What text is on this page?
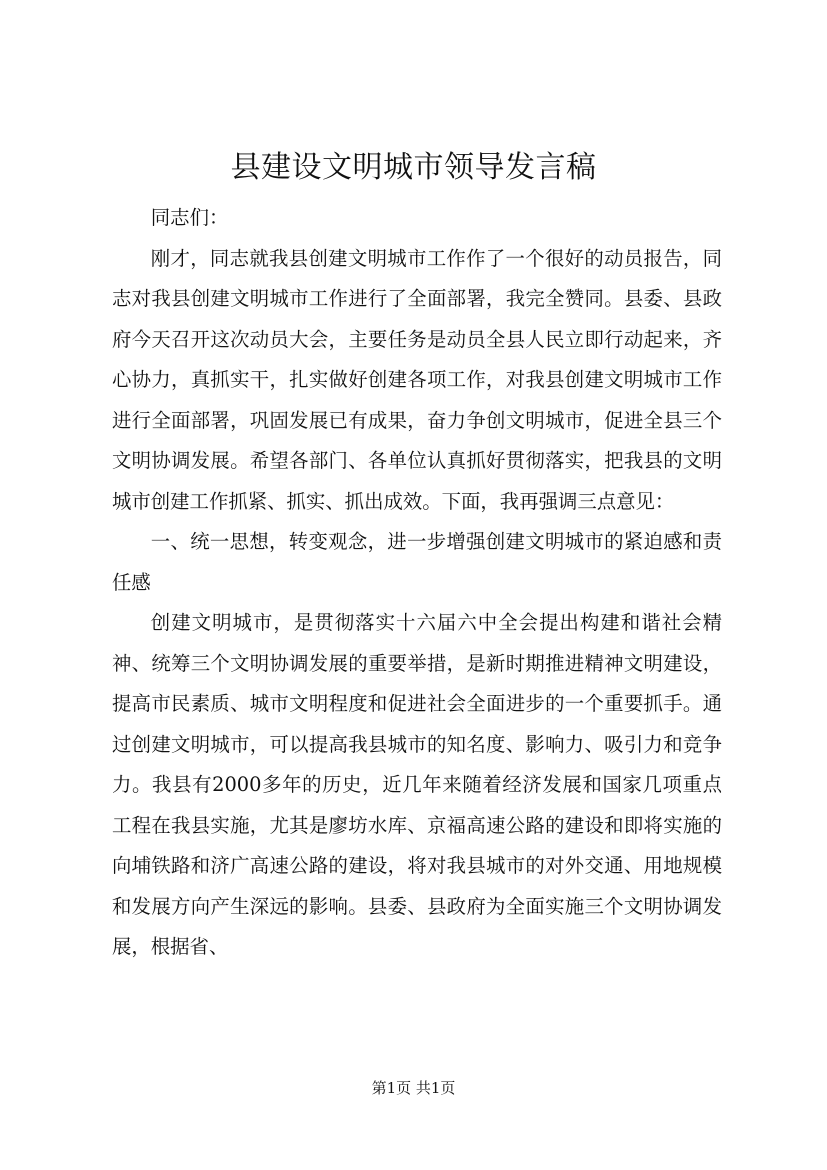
县建设文明城市领导发言稿

同志们：

刚才，同志就我县创建文明城市工作作了一个很好的动员报告，同志对我县创建文明城市工作进行了全面部署，我完全赞同。县委、县政府今天召开这次动员大会，主要任务是动员全县人民立即行动起来，齐心协力，真抓实干，扎实做好创建各项工作，对我县创建文明城市工作进行全面部署，巩固发展已有成果，奋力争创文明城市，促进全县三个文明协调发展。希望各部门、各单位认真抓好贯彻落实，把我县的文明城市创建工作抓紧、抓实、抓出成效。下面，我再强调三点意见：

一、统一思想，转变观念，进一步增强创建文明城市的紧迫感和责任感

创建文明城市，是贯彻落实十六届六中全会提出构建和谐社会精神、统筹三个文明协调发展的重要举措，是新时期推进精神文明建设，提高市民素质、城市文明程度和促进社会全面进步的一个重要抓手。通过创建文明城市，可以提高我县城市的知名度、影响力、吸引力和竞争力。我县有2000多年的历史，近几年来随着经济发展和国家几项重点工程在我县实施，尤其是廖坊水库、京福高速公路的建设和即将实施的向埔铁路和济广高速公路的建设，将对我县城市的对外交通、用地规模和发展方向产生深远的影响。县委、县政府为全面实施三个文明协调发展，根据省、

第1页 共1页
